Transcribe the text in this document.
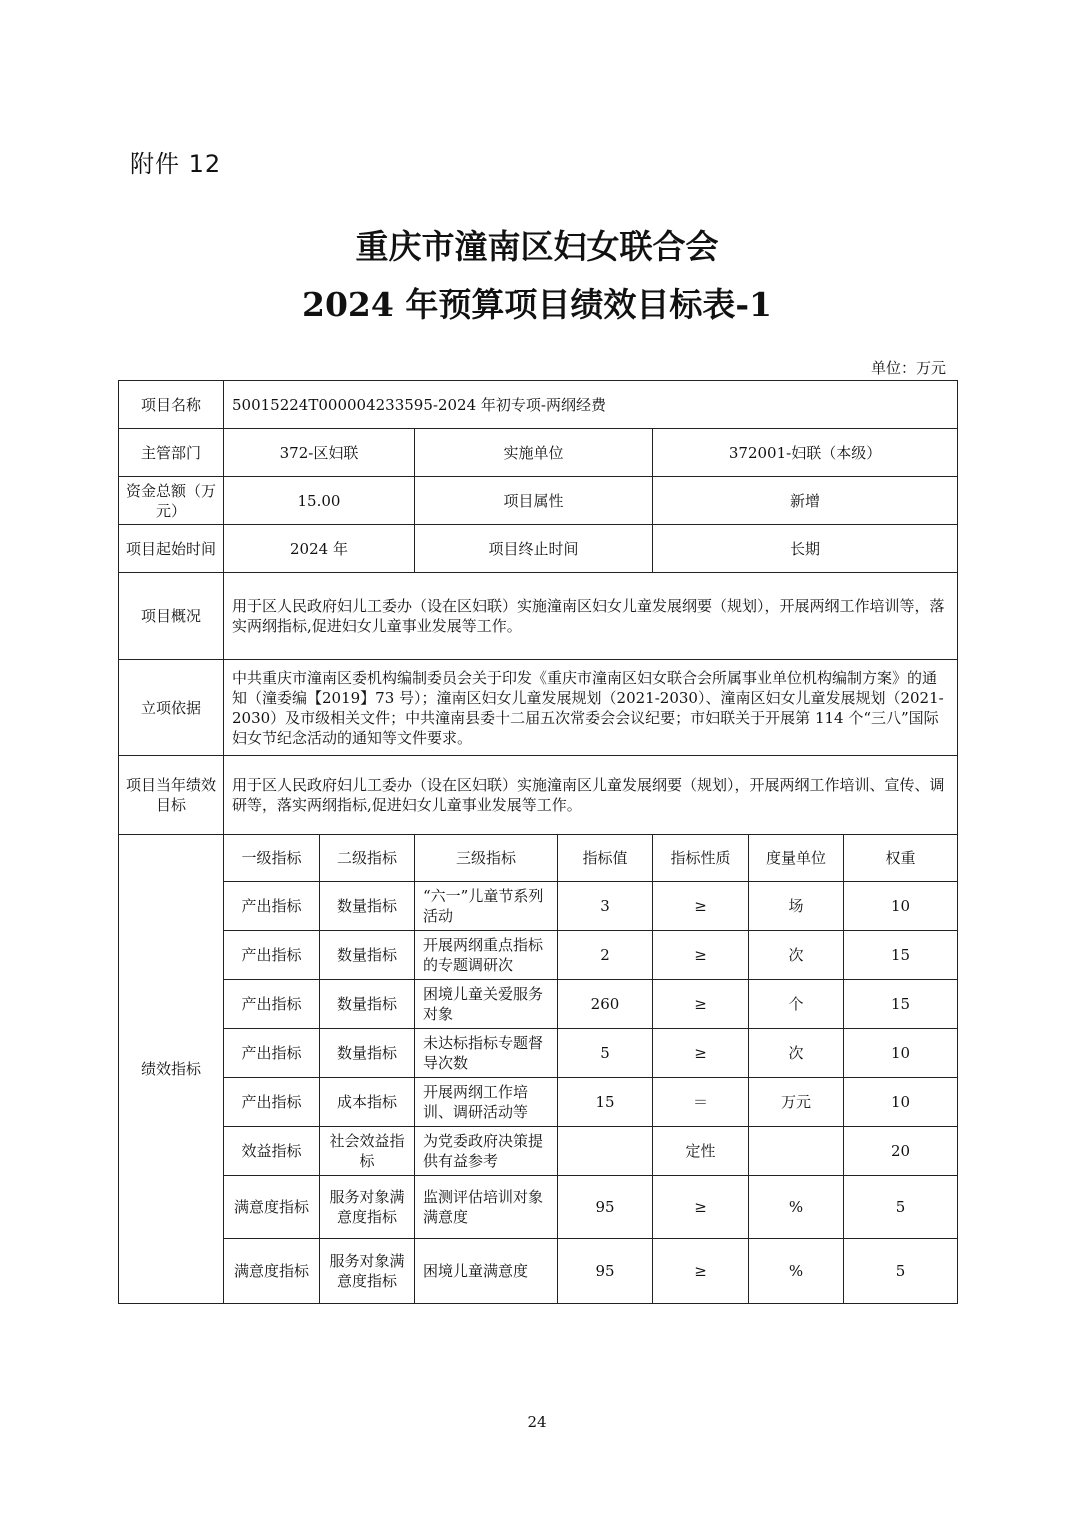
附件 12
重庆市潼南区妇女联合会
2024 年预算项目绩效目标表-1
单位：万元
项目名称	50015224T000004233595-2024 年初专项-两纲经费						
主管部门	372-区妇联		实施单位		372001-妇联（本级）		
资金总额（万元）	15.00		项目属性		新增		
项目起始时间	2024 年		项目终止时间		长期		
项目概况	用于区人民政府妇儿工委办（设在区妇联）实施潼南区妇女儿童发展纲要（规划），开展两纲工作培训等，落实两纲指标,促进妇女儿童事业发展等工作。						
立项依据	中共重庆市潼南区委机构编制委员会关于印发《重庆市潼南区妇女联合会所属事业单位机构编制方案》的通知（潼委编【2019】73 号）；潼南区妇女儿童发展规划（2021-2030）、潼南区妇女儿童发展规划（2021-2030）及市级相关文件；中共潼南县委十二届五次常委会会议纪要；市妇联关于开展第 114 个“三八”国际妇女节纪念活动的通知等文件要求。						
项目当年绩效目标	用于区人民政府妇儿工委办（设在区妇联）实施潼南区儿童发展纲要（规划），开展两纲工作培训、宣传、调研等，落实两纲指标,促进妇女儿童事业发展等工作。						
绩效指标	一级指标	二级指标	三级指标	指标值	指标性质	度量单位	权重
	产出指标	数量指标	“六一”儿童节系列活动	3	≥	场	10
	产出指标	数量指标	开展两纲重点指标的专题调研次	2	≥	次	15
	产出指标	数量指标	困境儿童关爱服务对象	260	≥	个	15
	产出指标	数量指标	未达标指标专题督导次数	5	≥	次	10
	产出指标	成本指标	开展两纲工作培训、调研活动等	15	＝	万元	10
	效益指标	社会效益指标	为党委政府决策提供有益参考		定性		20
	满意度指标	服务对象满意度指标	监测评估培训对象满意度	95	≥	%	5
	满意度指标	服务对象满意度指标	困境儿童满意度	95	≥	%	5
24
